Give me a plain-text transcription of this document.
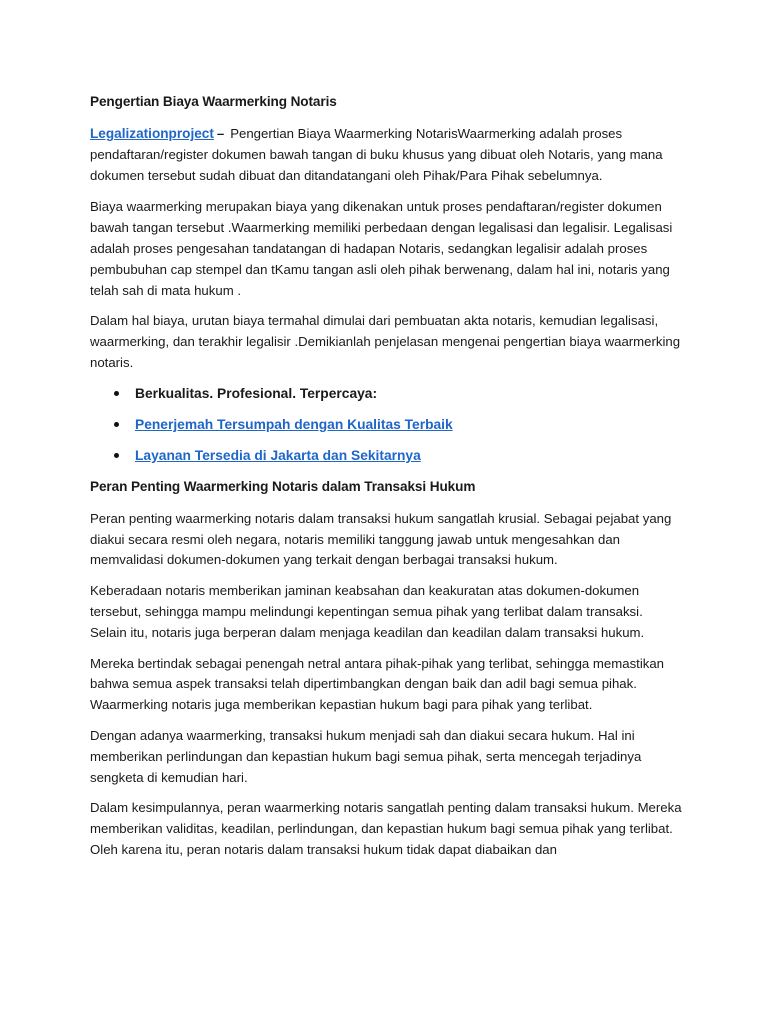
Pengertian Biaya Waarmerking Notaris

Legalizationproject – Pengertian Biaya Waarmerking NotarisWaarmerking adalah proses pendaftaran/register dokumen bawah tangan di buku khusus yang dibuat oleh Notaris, yang mana dokumen tersebut sudah dibuat dan ditandatangani oleh Pihak/Para Pihak sebelumnya.

Biaya waarmerking merupakan biaya yang dikenakan untuk proses pendaftaran/register dokumen bawah tangan tersebut .Waarmerking memiliki perbedaan dengan legalisasi dan legalisir. Legalisasi adalah proses pengesahan tandatangan di hadapan Notaris, sedangkan legalisir adalah proses pembubuhan cap stempel dan tKamu tangan asli oleh pihak berwenang, dalam hal ini, notaris yang telah sah di mata hukum .

Dalam hal biaya, urutan biaya termahal dimulai dari pembuatan akta notaris, kemudian legalisasi, waarmerking, dan terakhir legalisir .Demikianlah penjelasan mengenai pengertian biaya waarmerking notaris.

Berkualitas. Profesional. Terpercaya:
Penerjemah Tersumpah dengan Kualitas Terbaik
Layanan Tersedia di Jakarta dan Sekitarnya
Peran Penting Waarmerking Notaris dalam Transaksi Hukum

Peran penting waarmerking notaris dalam transaksi hukum sangatlah krusial. Sebagai pejabat yang diakui secara resmi oleh negara, notaris memiliki tanggung jawab untuk mengesahkan dan memvalidasi dokumen-dokumen yang terkait dengan berbagai transaksi hukum.

Keberadaan notaris memberikan jaminan keabsahan dan keakuratan atas dokumen-dokumen tersebut, sehingga mampu melindungi kepentingan semua pihak yang terlibat dalam transaksi. Selain itu, notaris juga berperan dalam menjaga keadilan dan keadilan dalam transaksi hukum.

Mereka bertindak sebagai penengah netral antara pihak-pihak yang terlibat, sehingga memastikan bahwa semua aspek transaksi telah dipertimbangkan dengan baik dan adil bagi semua pihak. Waarmerking notaris juga memberikan kepastian hukum bagi para pihak yang terlibat.

Dengan adanya waarmerking, transaksi hukum menjadi sah dan diakui secara hukum. Hal ini memberikan perlindungan dan kepastian hukum bagi semua pihak, serta mencegah terjadinya sengketa di kemudian hari.

Dalam kesimpulannya, peran waarmerking notaris sangatlah penting dalam transaksi hukum. Mereka memberikan validitas, keadilan, perlindungan, dan kepastian hukum bagi semua pihak yang terlibat. Oleh karena itu, peran notaris dalam transaksi hukum tidak dapat diabaikan dan
